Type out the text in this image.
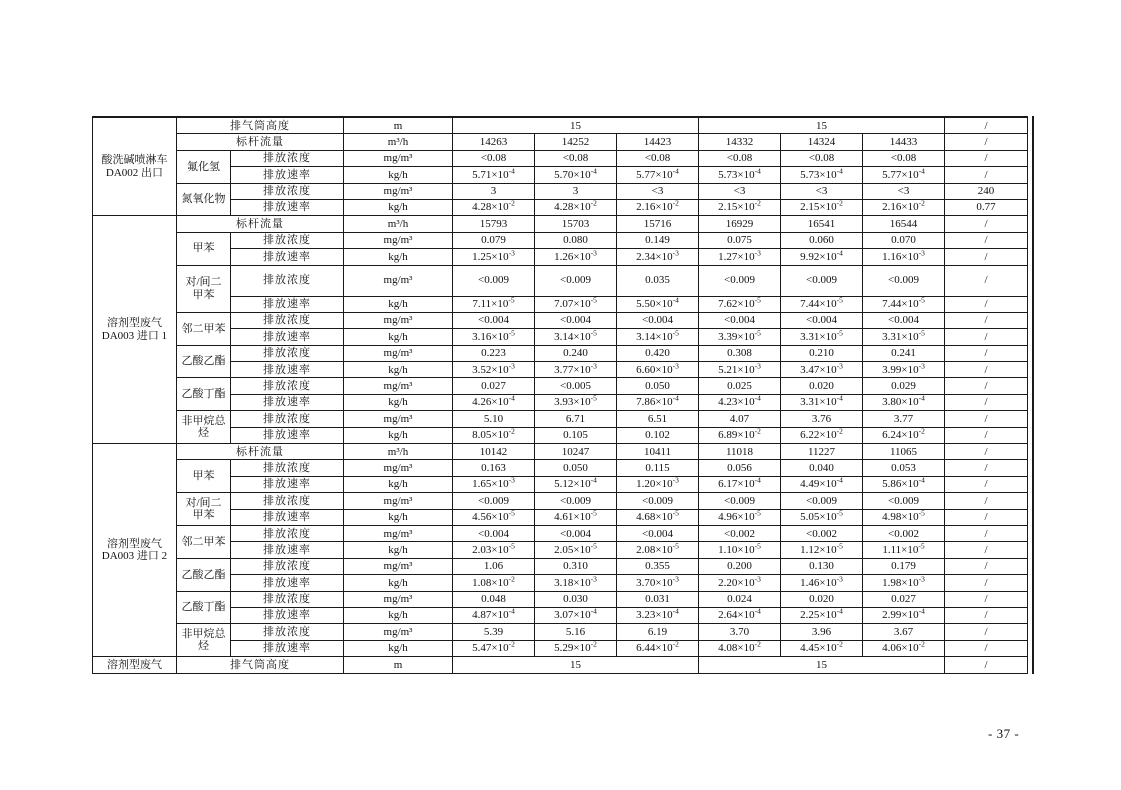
酸洗碱喷淋车 DA002 出口	排气筒高度		m	15			15			/
	标杆流量		m³/h	14263	14252	14423	14332	14324	14433	/
	氟化氢	排放浓度	mg/m³	<0.08	<0.08	<0.08	<0.08	<0.08	<0.08	/
		排放速率	kg/h	$5.71\times 10^{-4}$	$5.70\times 10^{-4}$	$5.77\times 10^{-4}$	$5.73\times 10^{-4}$	$5.73\times 10^{-4}$	$5.77\times 10^{-4}$	/
	氮氧化物	排放浓度	mg/m³	3	3	<3	<3	<3	<3	240
		排放速率	kg/h	$4.28\times 10^{-2}$	$4.28\times 10^{-2}$	$2.16\times 10^{-2}$	$2.15\times 10^{-2}$	$2.15\times 10^{-2}$	$2.16\times 10^{-2}$	0.77
溶剂型废气 DA003 进口 1	标杆流量		m³/h	15793	15703	15716	16929	16541	16544	/
	甲苯	排放浓度	mg/m³	0.079	0.080	0.149	0.075	0.060	0.070	/
		排放速率	kg/h	$1.25\times 10^{-3}$	$1.26\times 10^{-3}$	$2.34\times 10^{-3}$	$1.27\times 10^{-3}$	$9.92\times 10^{-4}$	$1.16\times 10^{-3}$	/
	对/间二甲苯	排放浓度	mg/m³	<0.009	<0.009	0.035	<0.009	<0.009	<0.009	/
		排放速率	kg/h	$7.11\times 10^{-5}$	$7.07\times 10^{-5}$	$5.50\times 10^{-4}$	$7.62\times 10^{-5}$	$7.44\times 10^{-5}$	$7.44\times 10^{-5}$	/
	邻二甲苯	排放浓度	mg/m³	<0.004	<0.004	<0.004	<0.004	<0.004	<0.004	/
		排放速率	kg/h	$3.16\times 10^{-5}$	$3.14\times 10^{-5}$	$3.14\times 10^{-5}$	$3.39\times 10^{-5}$	$3.31\times 10^{-5}$	$3.31\times 10^{-5}$	/
	乙酸乙酯	排放浓度	mg/m³	0.223	0.240	0.420	0.308	0.210	0.241	/
		排放速率	kg/h	$3.52\times 10^{-3}$	$3.77\times 10^{-3}$	$6.60\times 10^{-3}$	$5.21\times 10^{-3}$	$3.47\times 10^{-3}$	$3.99\times 10^{-3}$	/
	乙酸丁酯	排放浓度	mg/m³	0.027	<0.005	0.050	0.025	0.020	0.029	/
		排放速率	kg/h	$4.26\times 10^{-4}$	$3.93\times 10^{-5}$	$7.86\times 10^{-4}$	$4.23\times 10^{-4}$	$3.31\times 10^{-4}$	$3.80\times 10^{-4}$	/
	非甲烷总烃	排放浓度	mg/m³	5.10	6.71	6.51	4.07	3.76	3.77	/
		排放速率	kg/h	$8.05\times 10^{-2}$	0.105	0.102	$6.89\times 10^{-2}$	$6.22\times 10^{-2}$	$6.24\times 10^{-2}$	/
溶剂型废气 DA003 进口 2	标杆流量		m³/h	10142	10247	10411	11018	11227	11065	/
	甲苯	排放浓度	mg/m³	0.163	0.050	0.115	0.056	0.040	0.053	/
		排放速率	kg/h	$1.65\times 10^{-3}$	$5.12\times 10^{-4}$	$1.20\times 10^{-3}$	$6.17\times 10^{-4}$	$4.49\times 10^{-4}$	$5.86\times 10^{-4}$	/
	对/间二甲苯	排放浓度	mg/m³	<0.009	<0.009	<0.009	<0.009	<0.009	<0.009	/
		排放速率	kg/h	$4.56\times 10^{-5}$	$4.61\times 10^{-5}$	$4.68\times 10^{-5}$	$4.96\times 10^{-5}$	$5.05\times 10^{-5}$	$4.98\times 10^{-5}$	/
	邻二甲苯	排放浓度	mg/m³	<0.004	<0.004	<0.004	<0.002	<0.002	<0.002	/
		排放速率	kg/h	$2.03\times 10^{-5}$	$2.05\times 10^{-5}$	$2.08\times 10^{-5}$	$1.10\times 10^{-5}$	$1.12\times 10^{-5}$	$1.11\times 10^{-5}$	/
	乙酸乙酯	排放浓度	mg/m³	1.06	0.310	0.355	0.200	0.130	0.179	/
		排放速率	kg/h	$1.08\times 10^{-2}$	$3.18\times 10^{-3}$	$3.70\times 10^{-3}$	$2.20\times 10^{-3}$	$1.46\times 10^{-3}$	$1.98\times 10^{-3}$	/
	乙酸丁酯	排放浓度	mg/m³	0.048	0.030	0.031	0.024	0.020	0.027	/
		排放速率	kg/h	$4.87\times 10^{-4}$	$3.07\times 10^{-4}$	$3.23\times 10^{-4}$	$2.64\times 10^{-4}$	$2.25\times 10^{-4}$	$2.99\times 10^{-4}$	/
	非甲烷总烃	排放浓度	mg/m³	5.39	5.16	6.19	3.70	3.96	3.67	/
		排放速率	kg/h	$5.47\times 10^{-2}$	$5.29\times 10^{-2}$	$6.44\times 10^{-2}$	$4.08\times 10^{-2}$	$4.45\times 10^{-2}$	$4.06\times 10^{-2}$	/
溶剂型废气	排气筒高度		m	15			15			/
- 37 -
